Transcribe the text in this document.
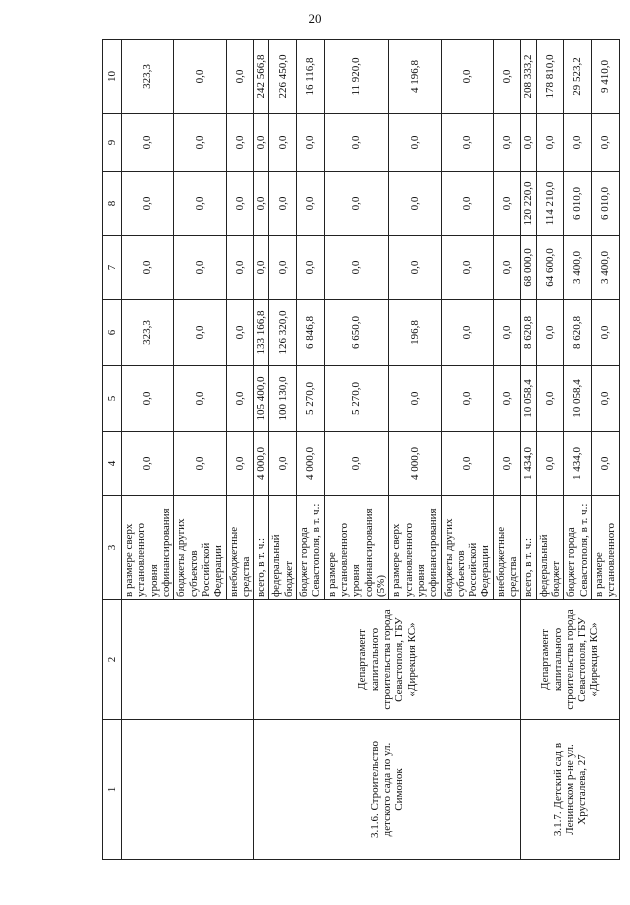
20
1	2	3	4	5	6	7	8	9	10
		в размере сверх установленного уровня софинансирования	0,0	0,0	323,3	0,0	0,0	0,0	323,3
		бюджеты других субъектов Российской Федерации	0,0	0,0	0,0	0,0	0,0	0,0	0,0
		внебюджетные средства	0,0	0,0	0,0	0,0	0,0	0,0	0,0
3.1.6. Строительство детского сада по ул. Симонок	Департамент капитального строительства города Севастополя, ГБУ «Дирекция КС»	всего, в т. ч.:	4 000,0	105 400,0	133 166,8	0,0	0,0	0,0	242 566,8
		федеральный бюджет	0,0	100 130,0	126 320,0	0,0	0,0	0,0	226 450,0
		бюджет города Севастополя, в т. ч.:	4 000,0	5 270,0	6 846,8	0,0	0,0	0,0	16 116,8
		в размере установленного уровня софинансирования (5%)	0,0	5 270,0	6 650,0	0,0	0,0	0,0	11 920,0
		в размере сверх установленного уровня софинансирования	4 000,0	0,0	196,8	0,0	0,0	0,0	4 196,8
		бюджеты других субъектов Российской Федерации	0,0	0,0	0,0	0,0	0,0	0,0	0,0
		внебюджетные средства	0,0	0,0	0,0	0,0	0,0	0,0	0,0
3.1.7. Детский сад в Ленинском р-не ул. Хрусталева, 27	Департамент капитального строительства города Севастополя, ГБУ «Дирекция КС»	всего, в т. ч.:	1 434,0	10 058,4	8 620,8	68 000,0	120 220,0	0,0	208 333,2
		федеральный бюджет	0,0	0,0	0,0	64 600,0	114 210,0	0,0	178 810,0
		бюджет города Севастополя, в т. ч.:	1 434,0	10 058,4	8 620,8	3 400,0	6 010,0	0,0	29 523,2
		в размере установленного	0,0	0,0	0,0	3 400,0	6 010,0	0,0	9 410,0
